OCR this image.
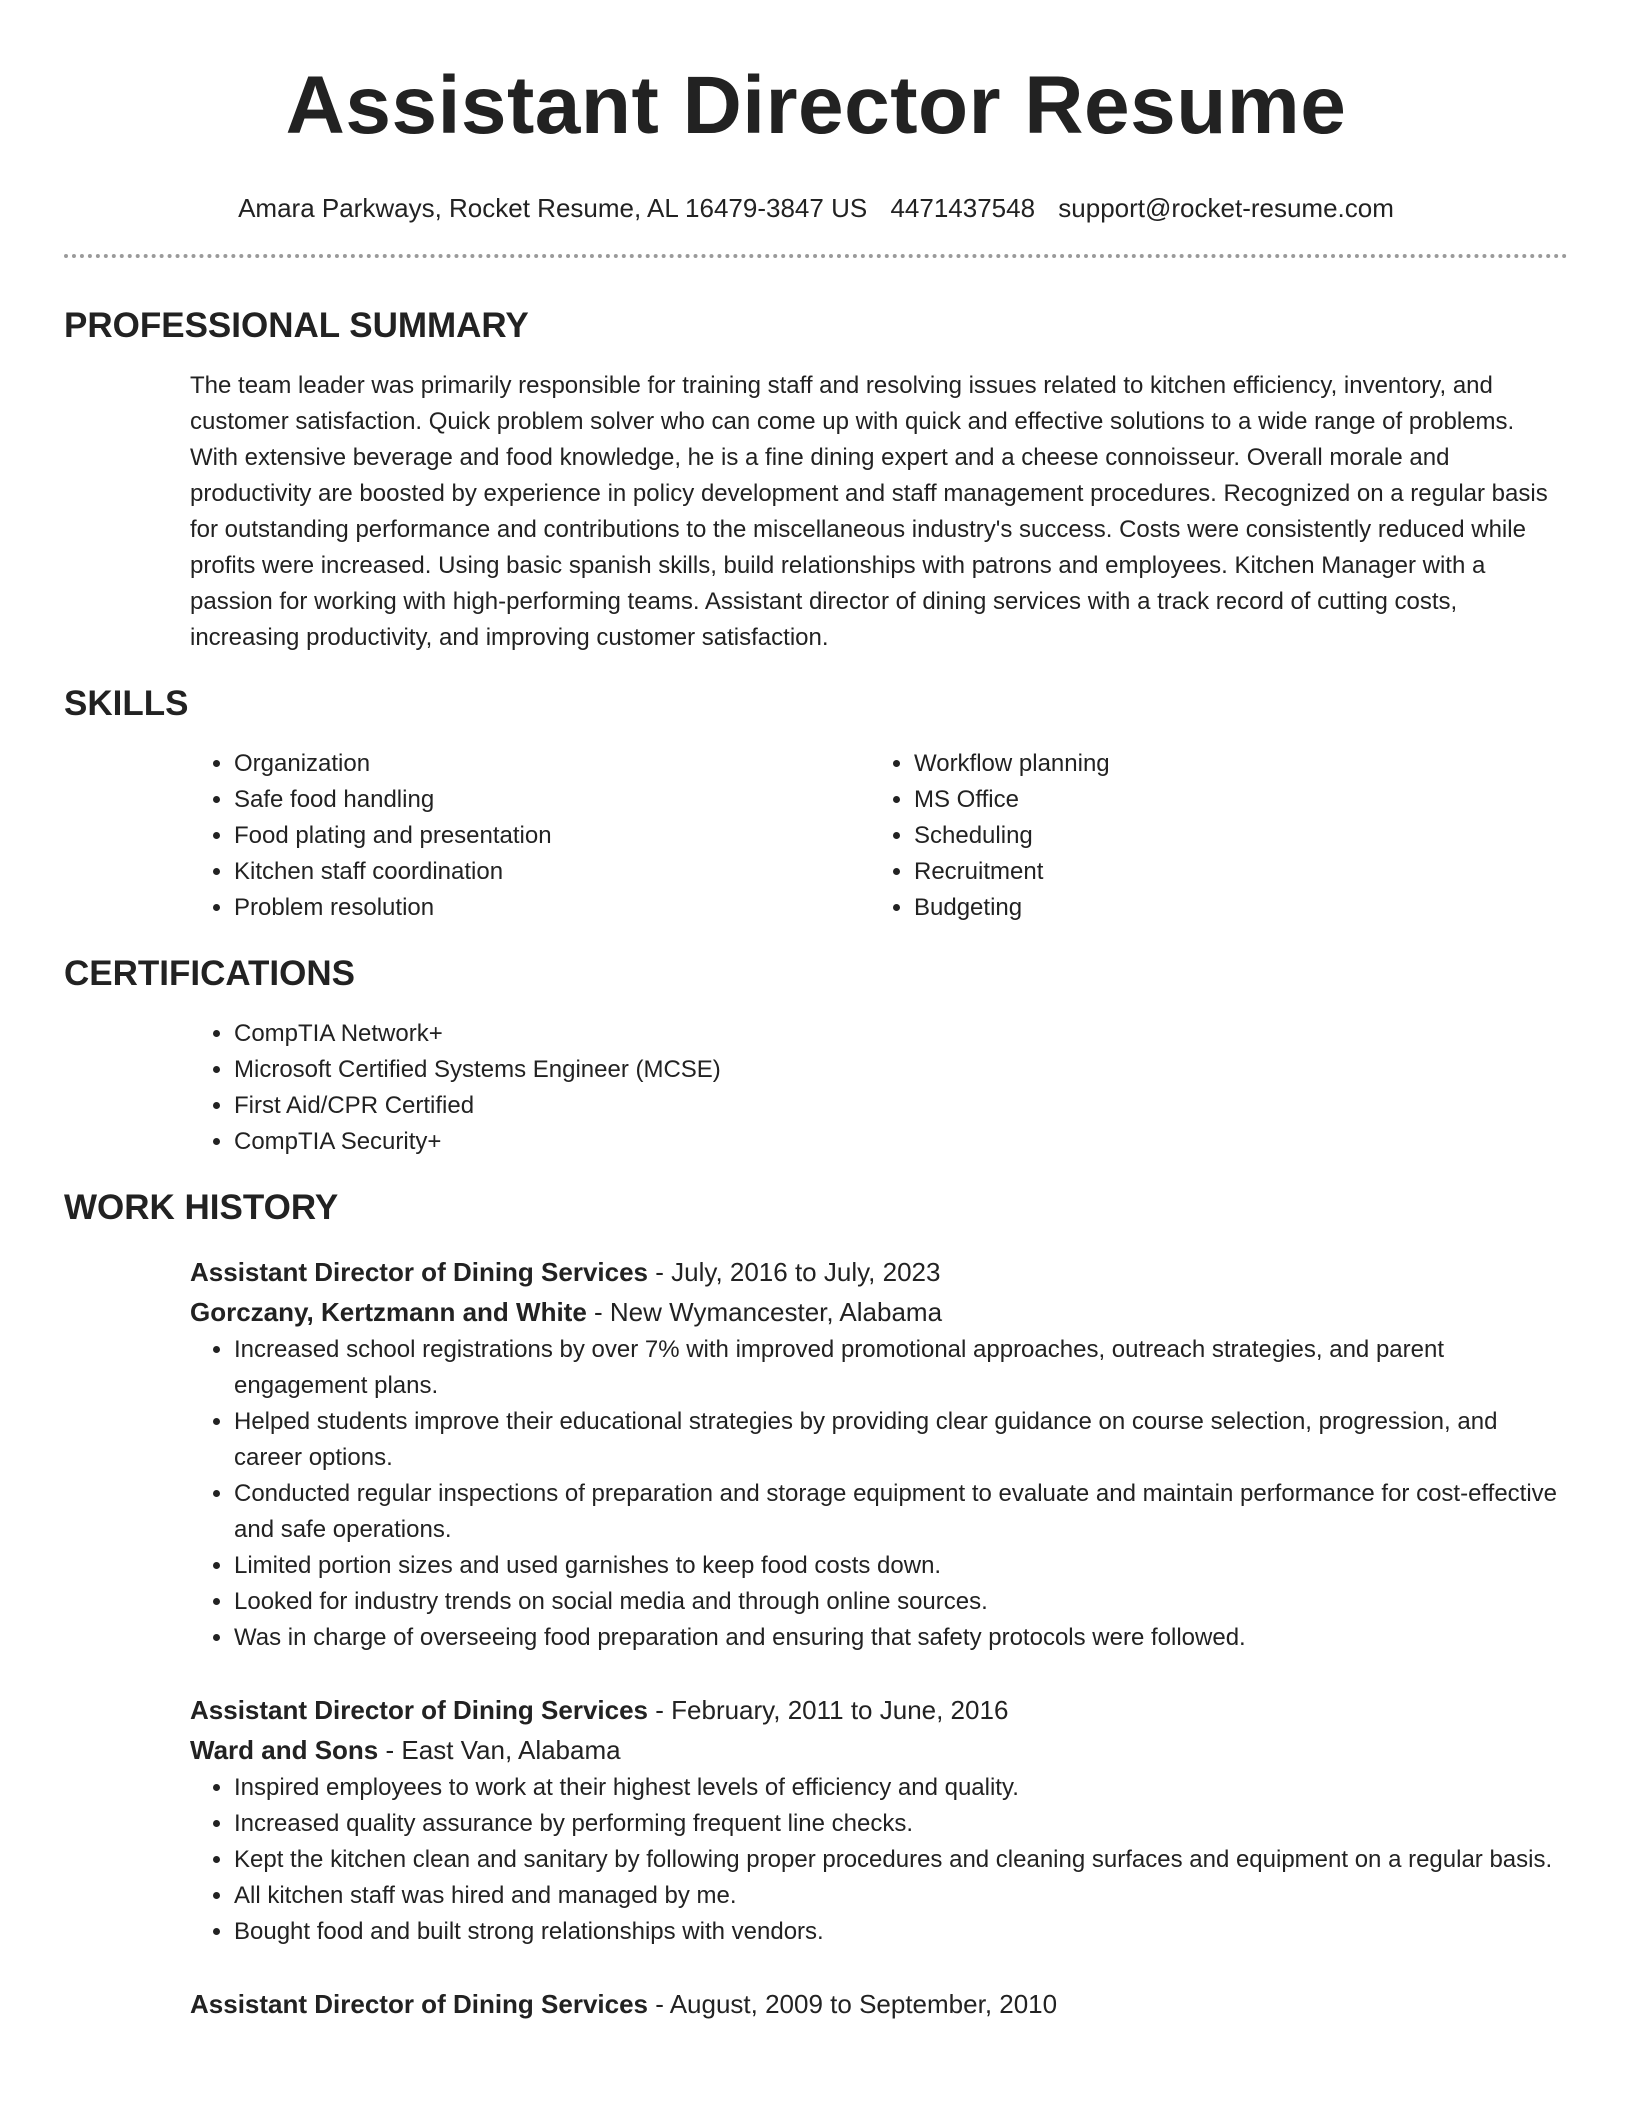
Assistant Director Resume
Amara Parkways, Rocket Resume, AL 16479-3847 US 4471437548 support@rocket-resume.com
PROFESSIONAL SUMMARY

The team leader was primarily responsible for training staff and resolving issues related to kitchen efficiency, inventory, and customer satisfaction. Quick problem solver who can come up with quick and effective solutions to a wide range of problems. With extensive beverage and food knowledge, he is a fine dining expert and a cheese connoisseur. Overall morale and productivity are boosted by experience in policy development and staff management procedures. Recognized on a regular basis for outstanding performance and contributions to the miscellaneous industry's success. Costs were consistently reduced while profits were increased. Using basic spanish skills, build relationships with patrons and employees. Kitchen Manager with a passion for working with high-performing teams. Assistant director of dining services with a track record of cutting costs, increasing productivity, and improving customer satisfaction.

SKILLS
• Organization
• Safe food handling
• Food plating and presentation
• Kitchen staff coordination
• Problem resolution
• Workflow planning
• MS Office
• Scheduling
• Recruitment
• Budgeting
CERTIFICATIONS
• CompTIA Network+
• Microsoft Certified Systems Engineer (MCSE)
• First Aid/CPR Certified
• CompTIA Security+
WORK HISTORY
Assistant Director of Dining Services - July, 2016 to July, 2023
Gorczany, Kertzmann and White - New Wymancester, Alabama
• Increased school registrations by over 7% with improved promotional approaches, outreach strategies, and parent engagement plans.
• Helped students improve their educational strategies by providing clear guidance on course selection, progression, and career options.
• Conducted regular inspections of preparation and storage equipment to evaluate and maintain performance for cost-effective and safe operations.
• Limited portion sizes and used garnishes to keep food costs down.
• Looked for industry trends on social media and through online sources.
• Was in charge of overseeing food preparation and ensuring that safety protocols were followed.
Assistant Director of Dining Services - February, 2011 to June, 2016
Ward and Sons - East Van, Alabama
• Inspired employees to work at their highest levels of efficiency and quality.
• Increased quality assurance by performing frequent line checks.
• Kept the kitchen clean and sanitary by following proper procedures and cleaning surfaces and equipment on a regular basis.
• All kitchen staff was hired and managed by me.
• Bought food and built strong relationships with vendors.
Assistant Director of Dining Services - August, 2009 to September, 2010
